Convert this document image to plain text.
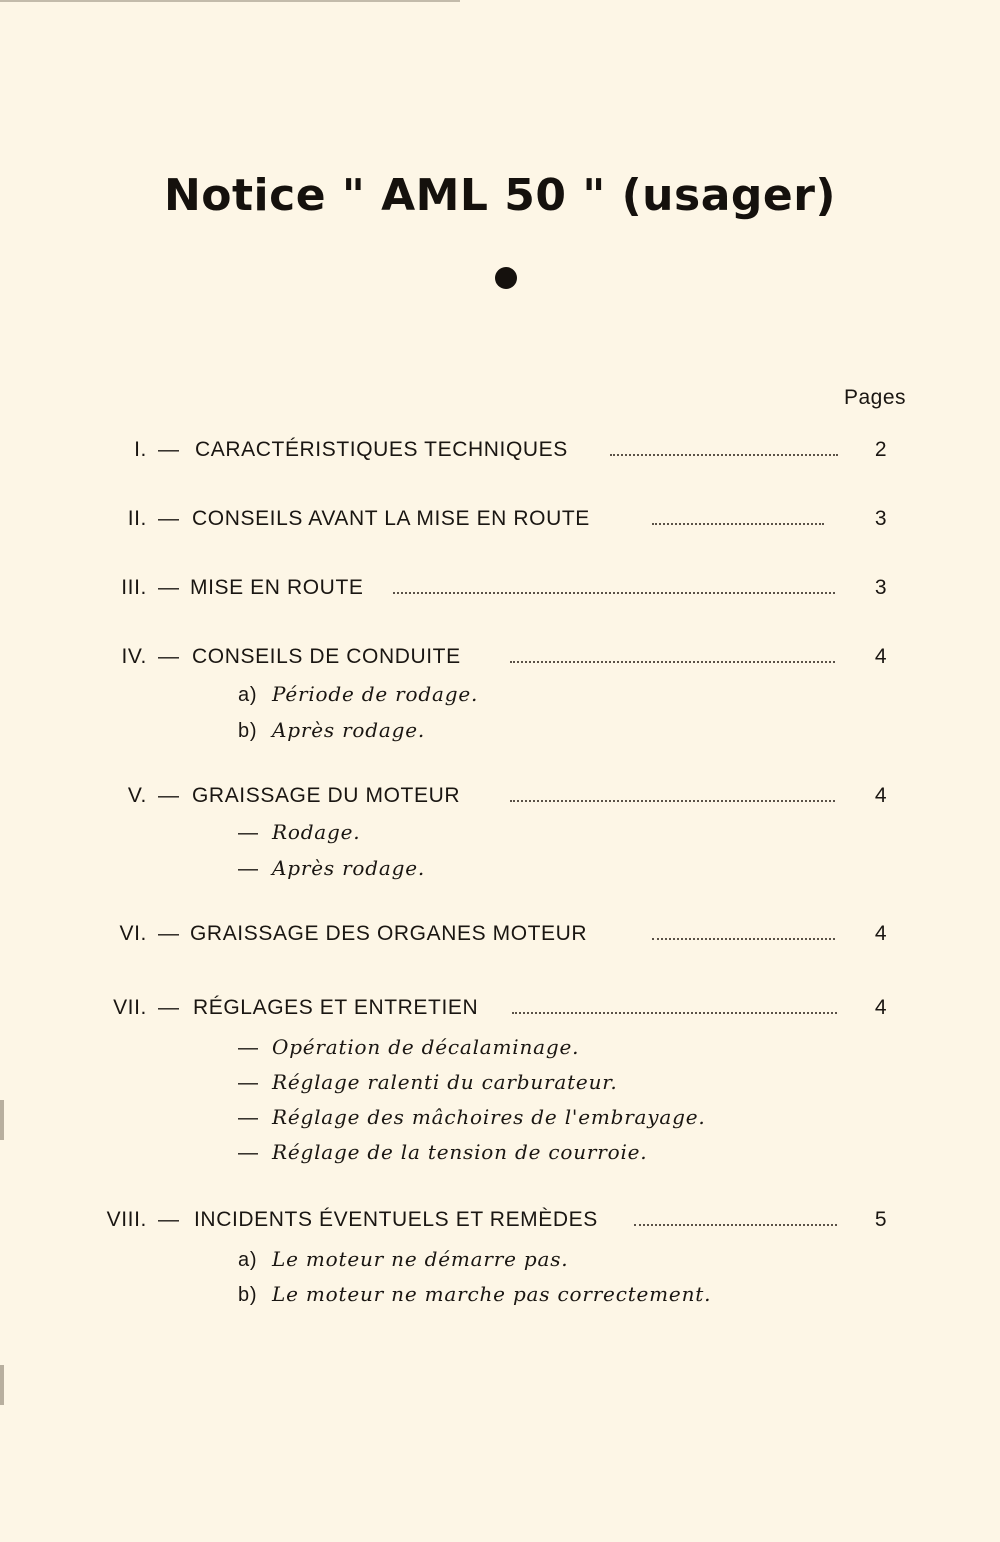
Notice " AML 50 " (usager)
Pages
I. — CARACTÉRISTIQUES TECHNIQUES	2
II. — CONSEILS AVANT LA MISE EN ROUTE	3
III. — MISE EN ROUTE	3
IV. — CONSEILS DE CONDUITE	4
a) Période de rodage.
b) Après rodage.
V. — GRAISSAGE DU MOTEUR	4
— Rodage.
— Après rodage.
VI. — GRAISSAGE DES ORGANES MOTEUR	4
VII. — RÉGLAGES ET ENTRETIEN	4
— Opération de décalaminage.
— Réglage ralenti du carburateur.
— Réglage des mâchoires de l'embrayage.
— Réglage de la tension de courroie.
VIII. — INCIDENTS ÉVENTUELS ET REMÈDES	5
a) Le moteur ne démarre pas.
b) Le moteur ne marche pas correctement.
